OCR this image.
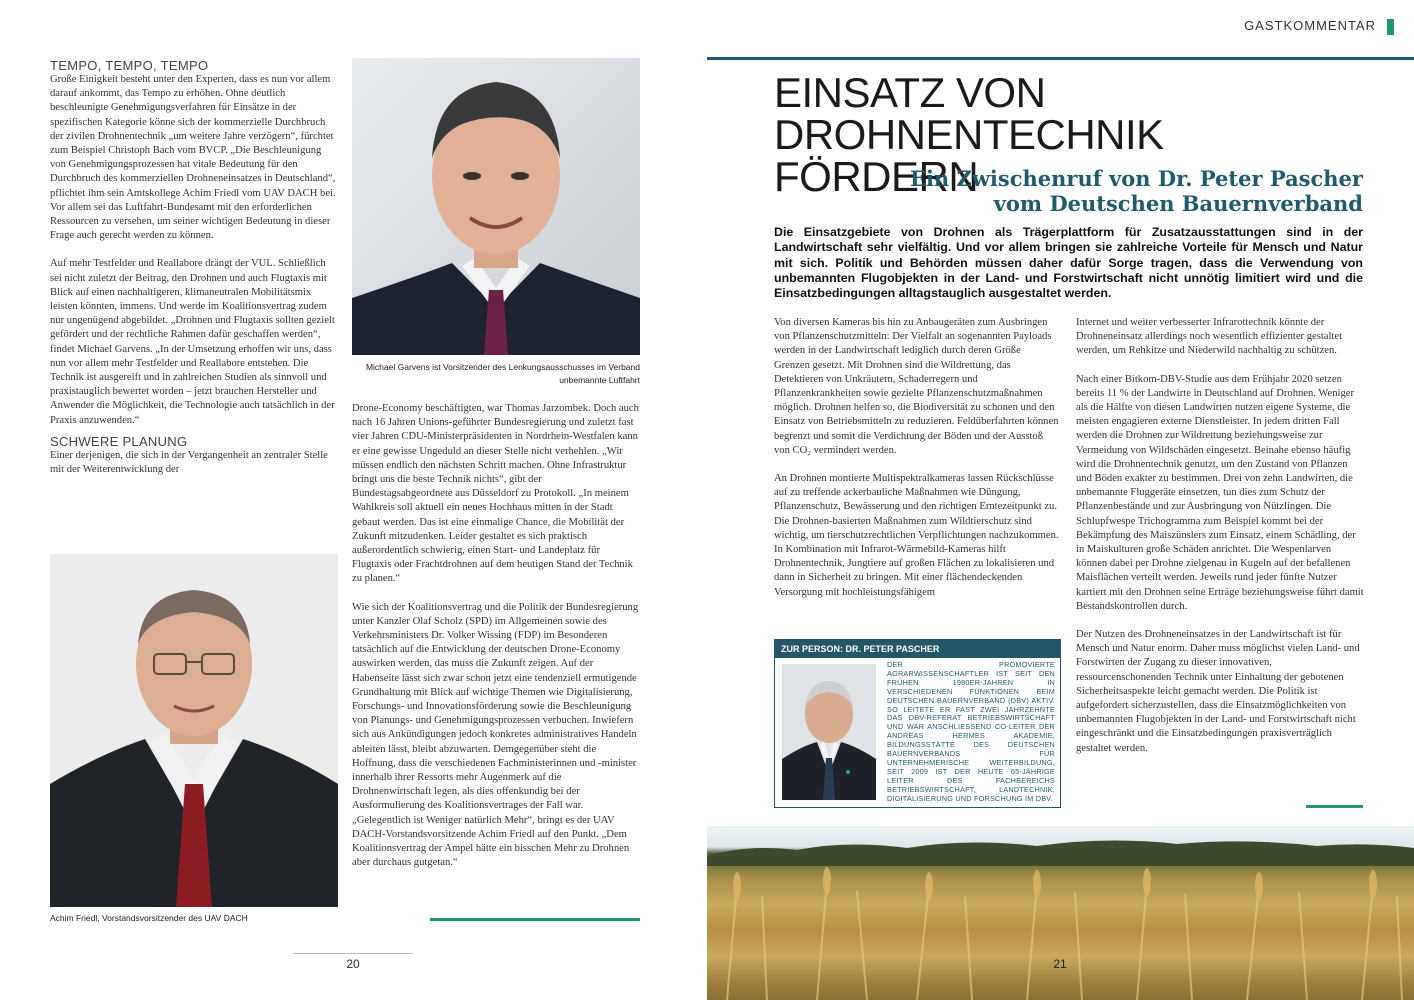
TEMPO, TEMPO, TEMPO

Große Einigkeit besteht unter den Experten, dass es nun vor allem darauf ankommt, das Tempo zu erhöhen. Ohne deutlich beschleunigte Genehmigungsverfahren für Einsätze in der spezifischen Kategorie könne sich der kommerzielle Durchbruch der zivilen Drohnentechnik „um weitere Jahre verzögern“, fürchtet zum Beispiel Christoph Bach vom BVCP. „Die Beschleunigung von Genehmigungsprozessen hat vitale Bedeutung für den Durchbruch des kommerziellen Drohneneinsatzes in Deutschland“, pflichtet ihm sein Amtskollege Achim Friedl vom UAV DACH bei. Vor allem sei das Luftfahrt-Bundesamt mit den erforderlichen Ressourcen zu versehen, um seiner wichtigen Bedeutung in dieser Frage auch gerecht werden zu können.

Auf mehr Testfelder und Reallabore drängt der VUL. Schließlich sei nicht zuletzt der Beitrag, den Drohnen und auch Flugtaxis mit Blick auf einen nachhaltigeren, klimaneutralen Mobilitätsmix leisten könnten, immens. Und werde im Koalitionsvertrag zudem nur ungenügend abgebildet. „Drohnen und Flugtaxis sollten gezielt gefördert und der rechtliche Rahmen dafür geschaffen werden“, findet Michael Garvens. „In der Umsetzung erhoffen wir uns, dass nun vor allem mehr Testfelder und Reallabore entstehen. Die Technik ist ausgereift und in zahlreichen Studien als sinnvoll und praxistauglich bewertet worden – jetzt brauchen Hersteller und Anwender die Möglichkeit, die Technologie auch tatsächlich in der Praxis anzuwenden.“

SCHWERE PLANUNG

Einer derjenigen, die sich in der Vergangenheit an zentraler Stelle mit der Weiterentwicklung der

Michael Garvens ist Vorsitzender des Lenkungsausschusses im Verband unbemannte Luftfahrt

Drone-Economy beschäftigten, war Thomas Jarzombek. Doch auch nach 16 Jahren Unions-geführter Bundesregierung und zuletzt fast vier Jahren CDU-Ministerpräsidenten in Nordrhein-Westfalen kann er eine gewisse Ungeduld an dieser Stelle nicht verhehlen. „Wir müssen endlich den nächsten Schritt machen. Ohne Infrastruktur bringt uns die beste Technik nichts“, gibt der Bundestagsabgeordnete aus Düsseldorf zu Protokoll. „In meinem Wahlkreis soll aktuell ein neues Hochhaus mitten in der Stadt gebaut werden. Das ist eine einmalige Chance, die Mobilität der Zukunft mitzudenken. Leider gestaltet es sich praktisch außerordentlich schwierig, einen Start- und Landeplatz für Flugtaxis oder Frachtdrohnen auf dem heutigen Stand der Technik zu planen.“

Wie sich der Koalitionsvertrag und die Politik der Bundesregierung unter Kanzler Olaf Scholz (SPD) im Allgemeinen sowie des Verkehrsministers Dr. Volker Wissing (FDP) im Besonderen tatsächlich auf die Entwicklung der deutschen Drone-Economy auswirken werden, das muss die Zukunft zeigen. Auf der Habenseite lässt sich zwar schon jetzt eine tendenziell ermutigende Grundhaltung mit Blick auf wichtige Themen wie Digitalisierung, Forschungs- und Innovationsförderung sowie die Beschleunigung von Planungs- und Genehmigungsprozessen verbuchen. Inwiefern sich aus Ankündigungen jedoch konkretes administratives Handeln ableiten lässt, bleibt abzuwarten. Demgegenüber steht die Hoffnung, dass die verschiedenen Fachministerinnen und -minister innerhalb ihrer Ressorts mehr Augenmerk auf die Drohnenwirtschaft legen, als dies offenkundig bei der Ausformulierung des Koalitionsvertrages der Fall war. „Gelegentlich ist Weniger natürlich Mehr“, bringt es der UAV DACH-Vorstandsvorsitzende Achim Friedl auf den Punkt. „Dem Koalitionsvertrag der Ampel hätte ein bisschen Mehr zu Drohnen aber durchaus gutgetan.“

Achim Friedl, Vorstandsvorsitzender des UAV DACH
20
GASTKOMMENTAR
EINSATZ VON
DROHNENTECHNIK FÖRDERN
Ein Zwischenruf von Dr. Peter Pascher
vom Deutschen Bauernverband
Die Einsatzgebiete von Drohnen als Trägerplattform für Zusatzausstattungen sind in der Landwirtschaft sehr vielfältig. Und vor allem bringen sie zahlreiche Vorteile für Mensch und Natur mit sich. Politik und Behörden müssen daher dafür Sorge tragen, dass die Verwendung von unbemannten Flugobjekten in der Land- und Forstwirtschaft nicht unnötig limitiert wird und die Einsatzbedingungen alltagstauglich ausgestaltet werden.

Von diversen Kameras bis hin zu Anbaugeräten zum Ausbringen von Pflanzenschutzmitteln: Der Vielfalt an sogenannten Payloads werden in der Landwirtschaft lediglich durch deren Größe Grenzen gesetzt. Mit Drohnen sind die Wildrettung, das Detektieren von Unkräutern, Schaderregern und Pflanzenkrankheiten sowie gezielte Pflanzenschutzmaßnahmen möglich. Drohnen helfen so, die Biodiversität zu schonen und den Einsatz von Betriebsmitteln zu reduzieren. Feldüberfahrten können begrenzt und somit die Verdichtung der Böden und der Ausstoß von CO₂ vermindert werden.

An Drohnen montierte Multispektralkameras lassen Rückschlüsse auf zu treffende ackerbauliche Maßnahmen wie Düngung, Pflanzenschutz, Bewässerung und den richtigen Erntezeitpunkt zu. Die Drohnen-basierten Maßnahmen zum Wildtierschutz sind wichtig, um tierschutzrechtlichen Verpflichtungen nachzukommen. In Kombination mit Infrarot-Wärmebild-Kameras hilft Drohnentechnik, Jungtiere auf großen Flächen zu lokalisieren und dann in Sicherheit zu bringen. Mit einer flächendeckenden Versorgung mit hochleistungsfähigem

ZUR PERSON: DR. PETER PASCHER
DER PROMOVIERTE AGRARWISSENSCHAFTLER IST SEIT DEN FRÜHEN 1980ER-JAHREN IN VERSCHIEDENEN FUNKTIONEN BEIM DEUTSCHEN BAUERNVERBAND (DBV) AKTIV. SO LEITETE ER FAST ZWEI JAHRZEHNTE DAS DBV-REFERAT BETRIEBSWIRTSCHAFT UND WAR ANSCHLIESSEND CO-LEITER DER ANDREAS HERMES AKADEMIE, BILDUNGSSTÄTTE DES DEUTSCHEN BAUERNVERBANDS FÜR UNTERNEHMERISCHE WEITERBILDUNG. SEIT 2009 IST DER HEUTE 65-JÄHRIGE LEITER DES FACHBEREICHS BETRIEBSWIRTSCHAFT, LANDTECHNIK, DIGITALISIERUNG UND FORSCHUNG IM DBV.

Internet und weiter verbesserter Infrarottechnik könnte der Drohneneinsatz allerdings noch wesentlich effizienter gestaltet werden, um Rehkitze und Niederwild nachhaltig zu schützen.

Nach einer Bitkom-DBV-Studie aus dem Frühjahr 2020 setzen bereits 11 % der Landwirte in Deutschland auf Drohnen. Weniger als die Hälfte von diesen Landwirten nutzen eigene Systeme, die meisten engagieren externe Dienstleister. In jedem dritten Fall werden die Drohnen zur Wildrettung beziehungsweise zur Vermeidung von Wildschäden eingesetzt. Beinahe ebenso häufig wird die Drohnentechnik genutzt, um den Zustand von Pflanzen und Böden exakter zu bestimmen. Drei von zehn Landwirten, die unbemannte Fluggeräte einsetzen, tun dies zum Schutz der Pflanzenbestände und zur Ausbringung von Nützlingen. Die Schlupfwespe Trichogramma zum Beispiel kommt bei der Bekämpfung des Maiszünslers zum Einsatz, einem Schädling, der in Maiskulturen große Schäden anrichtet. Die Wespenlarven können dabei per Drohne zielgenau in Kugeln auf der befallenen Maisflächen verteilt werden. Jeweils rund jeder fünfte Nutzer kartiert mit den Drohnen seine Erträge beziehungsweise führt damit Bestandskontrollen durch.

Der Nutzen des Drohneneinsatzes in der Landwirtschaft ist für Mensch und Natur enorm. Daher muss möglichst vielen Land- und Forstwirten der Zugang zu dieser innovativen, ressourcenschonenden Technik unter Einhaltung der gebotenen Sicherheitsaspekte leicht gemacht werden. Die Politik ist aufgefordert sicherzustellen, dass die Einsatzmöglichkeiten von unbemannten Flugobjekten in der Land- und Forstwirtschaft nicht eingeschränkt und die Einsatzbedingungen praxisverträglich gestaltet werden.

21
